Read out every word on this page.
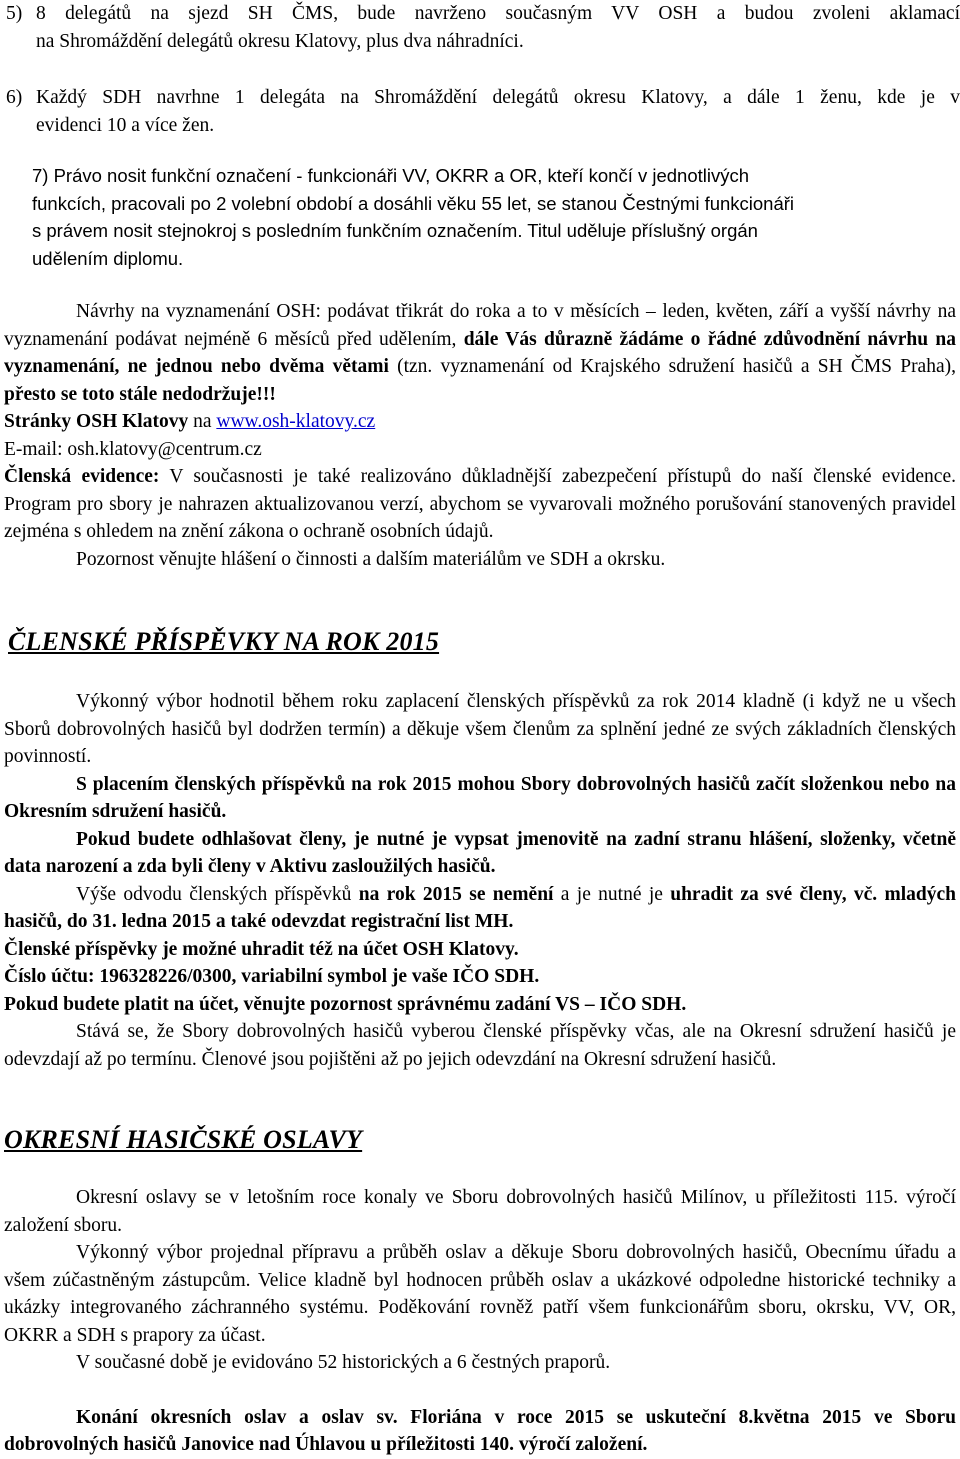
5) 8 delegátů na sjezd SH ČMS, bude navrženo současným VV OSH a budou zvoleni aklamací
na Shromáždění delegátů okresu Klatovy, plus dva náhradníci.
6) Každý SDH navrhne 1 delegáta na Shromáždění delegátů okresu Klatovy, a dále 1 ženu, kde je v
evidenci 10 a více žen.
7) Právo nosit funkční označení - funkcionáři VV, OKRR a OR, kteří končí v jednotlivých
funkcích, pracovali po 2 volební období a dosáhli věku 55 let, se stanou Čestnými funkcionáři
s právem nosit stejnokroj s posledním funkčním označením. Titul uděluje příslušný orgán
udělením diplomu.

Návrhy na vyznamenání OSH: podávat třikrát do roka a to v měsících – leden, květen, září a vyšší návrhy na vyznamenání podávat nejméně 6 měsíců před udělením, dále Vás důrazně žádáme o řádné zdůvodnění návrhu na vyznamenání, ne jednou nebo dvěma větami (tzn. vyznamenání od Krajského sdružení hasičů a SH ČMS Praha), přesto se toto stále nedodržuje!!!

Stránky OSH Klatovy na www.osh-klatovy.cz

E-mail: osh.klatovy@centrum.cz

Členská evidence: V současnosti je také realizováno důkladnější zabezpečení přístupů do naší členské evidence. Program pro sbory je nahrazen aktualizovanou verzí, abychom se vyvarovali možného porušování stanovených pravidel zejména s ohledem na znění zákona o ochraně osobních údajů.

Pozornost věnujte hlášení o činnosti a dalším materiálům ve SDH a okrsku.

ČLENSKÉ PŘÍSPĚVKY NA ROK 2015

Výkonný výbor hodnotil během roku zaplacení členských příspěvků za rok 2014 kladně (i když ne u všech Sborů dobrovolných hasičů byl dodržen termín) a děkuje všem členům za splnění jedné ze svých základních členských povinností.

S placením členských příspěvků na rok 2015 mohou Sbory dobrovolných hasičů začít složenkou nebo na Okresním sdružení hasičů.

Pokud budete odhlašovat členy, je nutné je vypsat jmenovitě na zadní stranu hlášení, složenky, včetně data narození a zda byli členy v Aktivu zasloužilých hasičů.

Výše odvodu členských příspěvků na rok 2015 se nemění a je nutné je uhradit za své členy, vč. mladých hasičů, do 31. ledna 2015 a také odevzdat registrační list MH.

Členské příspěvky je možné uhradit též na účet OSH Klatovy.

Číslo účtu: 196328226/0300, variabilní symbol je vaše IČO SDH.

Pokud budete platit na účet, věnujte pozornost správnému zadání VS – IČO SDH.

Stává se, že Sbory dobrovolných hasičů vyberou členské příspěvky včas, ale na Okresní sdružení hasičů je odevzdají až po termínu. Členové jsou pojištěni až po jejich odevzdání na Okresní sdružení hasičů.

OKRESNÍ HASIČSKÉ OSLAVY

Okresní oslavy se v letošním roce konaly ve Sboru dobrovolných hasičů Milínov, u příležitosti 115. výročí založení sboru.

Výkonný výbor projednal přípravu a průběh oslav a děkuje Sboru dobrovolných hasičů, Obecnímu úřadu a všem zúčastněným zástupcům. Velice kladně byl hodnocen průběh oslav a ukázkové odpoledne historické techniky a ukázky integrovaného záchranného systému. Poděkování rovněž patří všem funkcionářům sboru, okrsku, VV, OR, OKRR a SDH s prapory za účast.

V současné době je evidováno 52 historických a 6 čestných praporů.

Konání okresních oslav a oslav sv. Floriána v roce 2015 se uskuteční 8.května 2015 ve Sboru dobrovolných hasičů Janovice nad Úhlavou u příležitosti 140. výročí založení.
